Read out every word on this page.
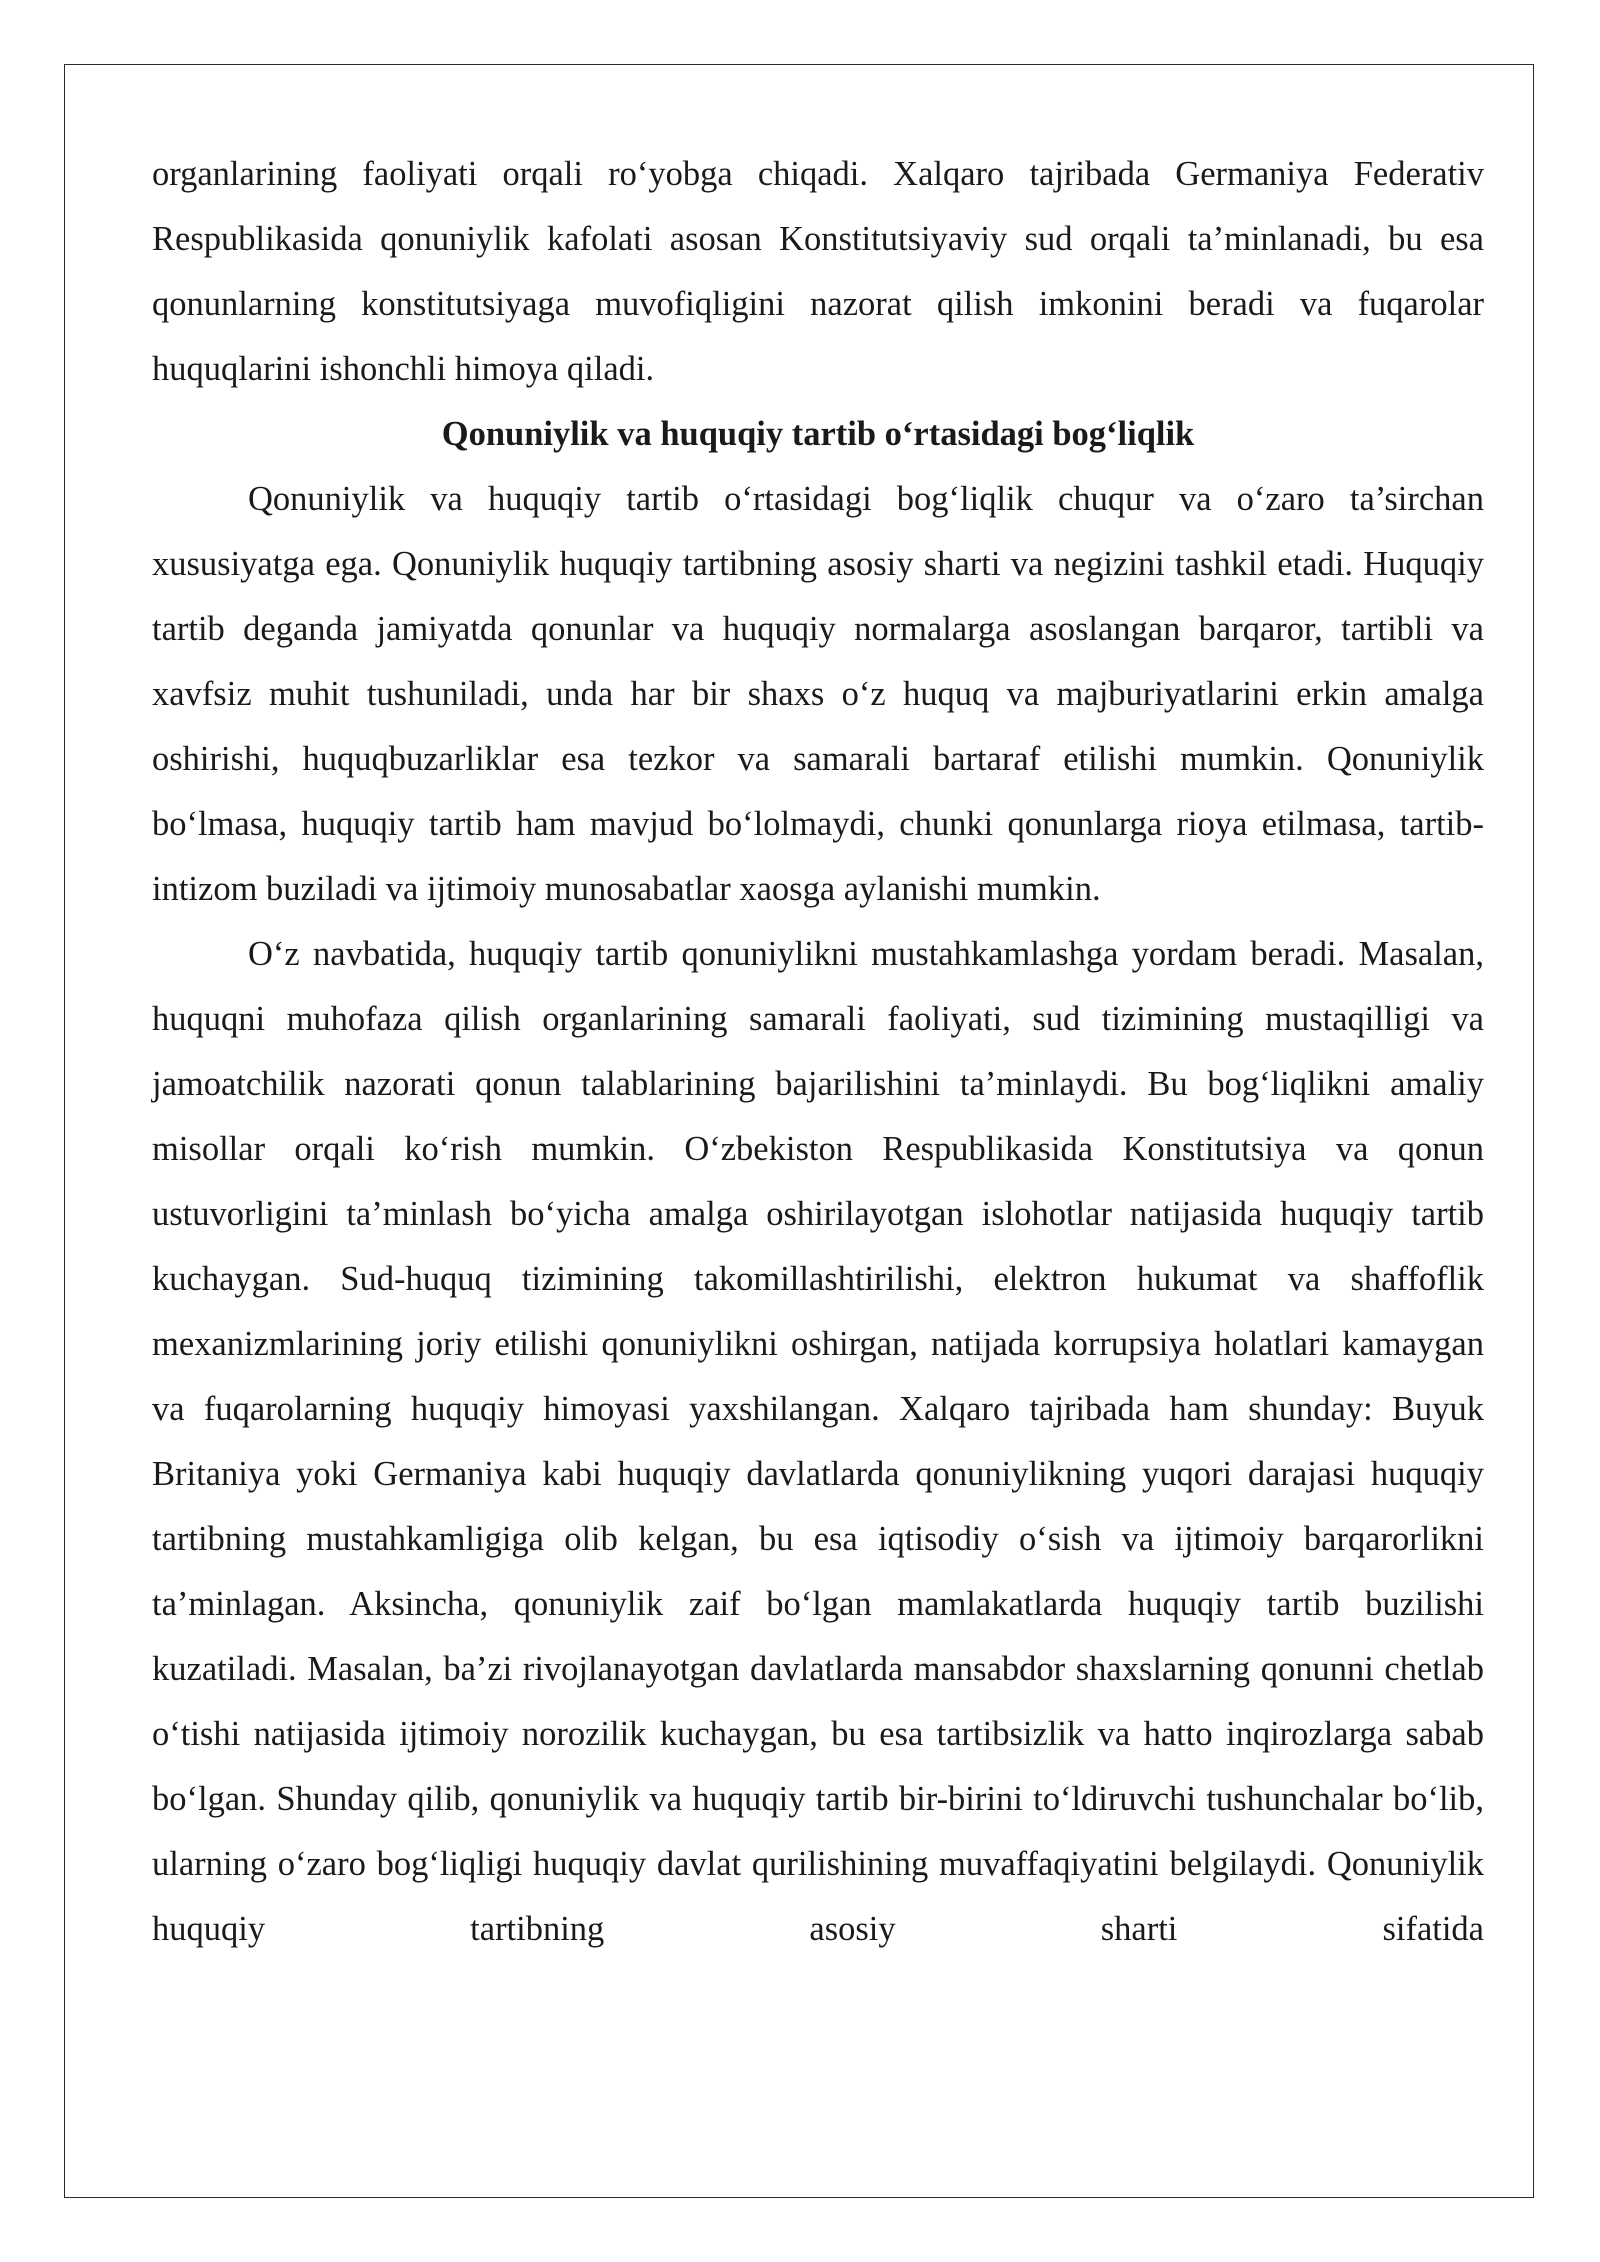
organlarining faoliyati orqali ro‘yobga chiqadi. Xalqaro tajribada Germaniya Federativ Respublikasida qonuniylik kafolati asosan Konstitutsiyaviy sud orqali ta’minlanadi, bu esa qonunlarning konstitutsiyaga muvofiqligini nazorat qilish imkonini beradi va fuqarolar huquqlarini ishonchli himoya qiladi.

Qonuniylik va huquqiy tartib o‘rtasidagi bog‘liqlik

Qonuniylik va huquqiy tartib o‘rtasidagi bog‘liqlik chuqur va o‘zaro ta’sirchan xususiyatga ega. Qonuniylik huquqiy tartibning asosiy sharti va negizini tashkil etadi. Huquqiy tartib deganda jamiyatda qonunlar va huquqiy normalarga asoslangan barqaror, tartibli va xavfsiz muhit tushuniladi, unda har bir shaxs o‘z huquq va majburiyatlarini erkin amalga oshirishi, huquqbuzarliklar esa tezkor va samarali bartaraf etilishi mumkin. Qonuniylik bo‘lmasa, huquqiy tartib ham mavjud bo‘lolmaydi, chunki qonunlarga rioya etilmasa, tartib-intizom buziladi va ijtimoiy munosabatlar xaosga aylanishi mumkin.

O‘z navbatida, huquqiy tartib qonuniylikni mustahkamlashga yordam beradi. Masalan, huquqni muhofaza qilish organlarining samarali faoliyati, sud tizimining mustaqilligi va jamoatchilik nazorati qonun talablarining bajarilishini ta’minlaydi. Bu bog‘liqlikni amaliy misollar orqali ko‘rish mumkin. O‘zbekiston Respublikasida Konstitutsiya va qonun ustuvorligini ta’minlash bo‘yicha amalga oshirilayotgan islohotlar natijasida huquqiy tartib kuchaygan. Sud-huquq tizimining takomillashtirilishi, elektron hukumat va shaffoflik mexanizmlarining joriy etilishi qonuniylikni oshirgan, natijada korrupsiya holatlari kamaygan va fuqarolarning huquqiy himoyasi yaxshilangan. Xalqaro tajribada ham shunday: Buyuk Britaniya yoki Germaniya kabi huquqiy davlatlarda qonuniylikning yuqori darajasi huquqiy tartibning mustahkamligiga olib kelgan, bu esa iqtisodiy o‘sish va ijtimoiy barqarorlikni ta’minlagan. Aksincha, qonuniylik zaif bo‘lgan mamlakatlarda huquqiy tartib buzilishi kuzatiladi. Masalan, ba’zi rivojlanayotgan davlatlarda mansabdor shaxslarning qonunni chetlab o‘tishi natijasida ijtimoiy norozilik kuchaygan, bu esa tartibsizlik va hatto inqirozlarga sabab bo‘lgan. Shunday qilib, qonuniylik va huquqiy tartib bir-birini to‘ldiruvchi tushunchalar bo‘lib, ularning o‘zaro bog‘liqligi huquqiy davlat qurilishining muvaffaqiyatini belgilaydi. Qonuniylik huquqiy tartibning asosiy sharti sifatida
